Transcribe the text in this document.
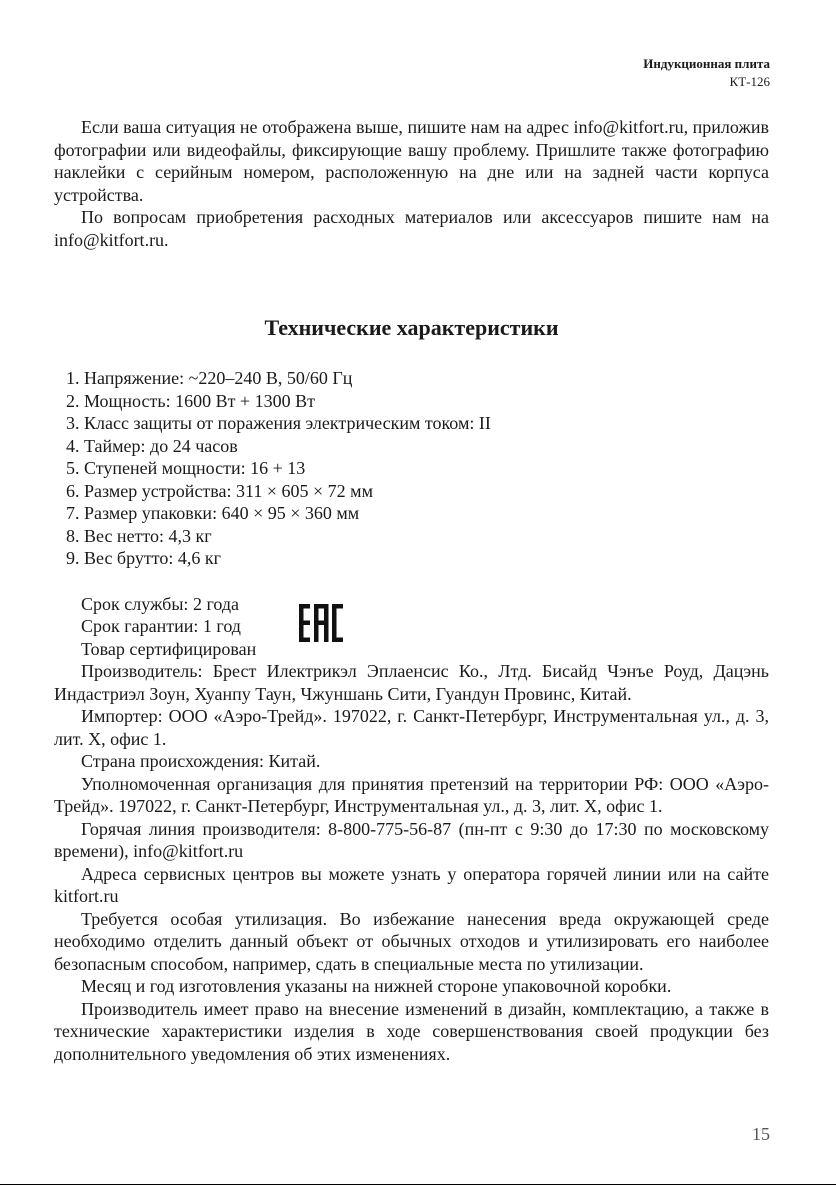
Индукционная плита
КТ-126

Если ваша ситуация не отображена выше, пишите нам на адрес info@kitfort.ru, приложив фотографии или видеофайлы, фиксирующие вашу проблему. Пришлите также фотографию наклейки с серийным номером, расположенную на дне или на задней части корпуса устройства.

По вопросам приобретения расходных материалов или аксессуаров пишите нам на info@kitfort.ru.

Технические характеристики
1. Напряжение: ~220–240 В, 50/60 Гц
2. Мощность: 1600 Вт + 1300 Вт
3. Класс защиты от поражения электрическим током: II
4. Таймер: до 24 часов
5. Ступеней мощности: 16 + 13
6. Размер устройства: 311 × 605 × 72 мм
7. Размер упаковки: 640 × 95 × 360 мм
8. Вес нетто: 4,3 кг
9. Вес брутто: 4,6 кг
Срок службы: 2 года
Срок гарантии: 1 год
Товар сертифицирован

Производитель: Брест Илектрикэл Эплаенсис Ко., Лтд. Бисайд Чэнъе Роуд, Дацэнь Индастриэл Зоун, Хуанпу Таун, Чжуншань Сити, Гуандун Провинс, Китай.

Импортер: ООО «Аэро-Трейд». 197022, г. Санкт-Петербург, Инструментальная ул., д. 3, лит. Х, офис 1.

Страна происхождения: Китай.

Уполномоченная организация для принятия претензий на территории РФ: ООО «Аэро-Трейд». 197022, г. Санкт-Петербург, Инструментальная ул., д. 3, лит. Х, офис 1.

Горячая линия производителя: 8-800-775-56-87 (пн-пт с 9:30 до 17:30 по московскому времени), info@kitfort.ru

Адреса сервисных центров вы можете узнать у оператора горячей линии или на сайте kitfort.ru

Требуется особая утилизация. Во избежание нанесения вреда окружающей среде необходимо отделить данный объект от обычных отходов и утилизировать его наиболее безопасным способом, например, сдать в специальные места по утилизации.

Месяц и год изготовления указаны на нижней стороне упаковочной коробки.

Производитель имеет право на внесение изменений в дизайн, комплектацию, а также в технические характеристики изделия в ходе совершенствования своей продукции без дополнительного уведомления об этих изменениях.

15
